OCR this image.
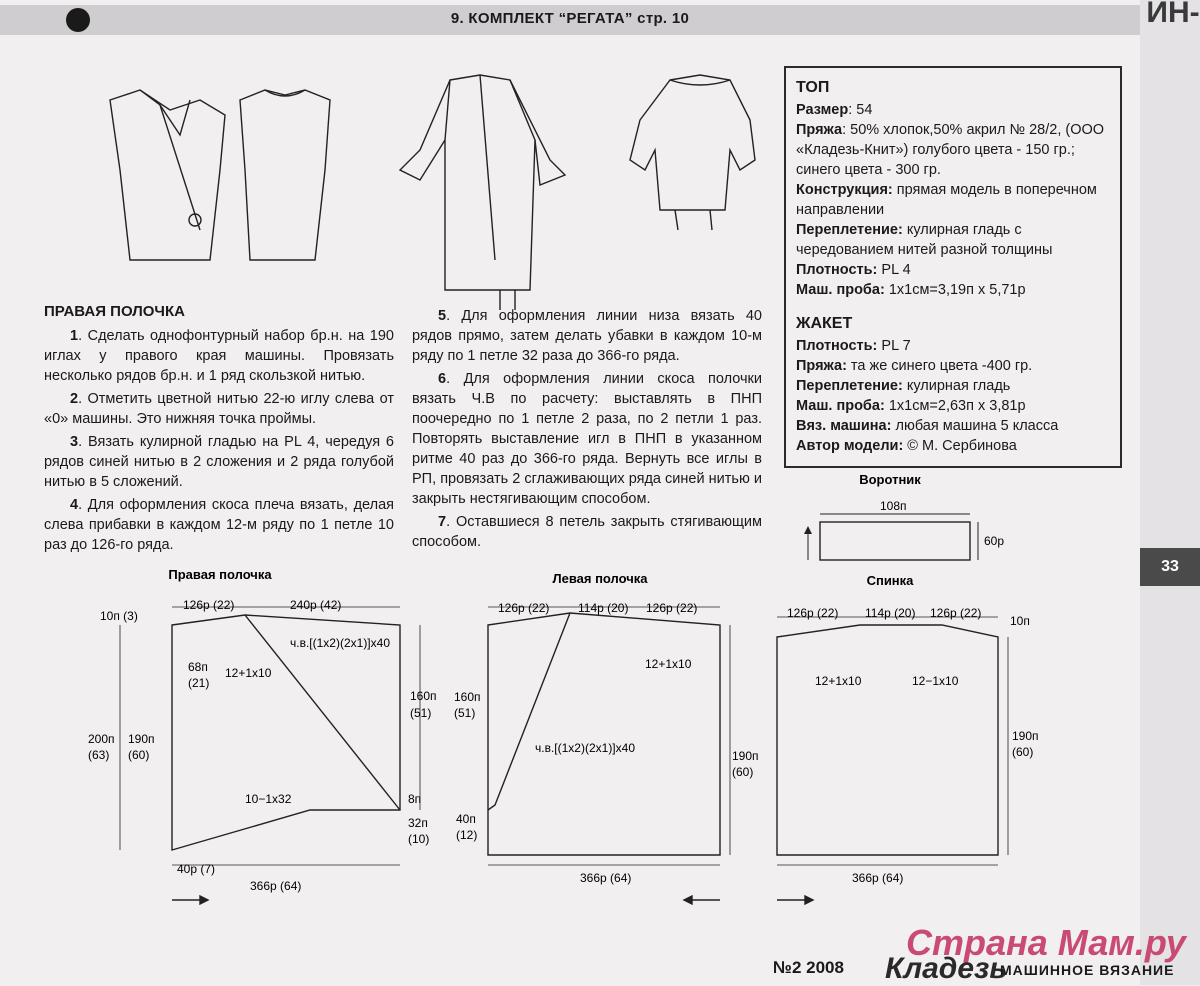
9. КОМПЛЕКТ “РЕГАТА” стр. 10	ИН-
33
ПРАВАЯ ПОЛОЧКА

1. Сделать однофонтурный набор бр.н. на 190 иглах у правого края машины. Провязать несколько рядов бр.н. и 1 ряд скользкой нитью.

2. Отметить цветной нитью 22-ю иглу слева от «0» машины. Это нижняя точка проймы.

3. Вязать кулирной гладью на PL 4, чередуя 6 рядов синей нитью в 2 сложения и 2 ряда голубой нитью в 5 сложений.

4. Для оформления скоса плеча вязать, делая слева прибавки в каждом 12-м ряду по 1 петле 10 раз до 126-го ряда.

5. Для оформления линии низа вязать 40 рядов прямо, затем делать убавки в каждом 10-м ряду по 1 петле 32 раза до 366-го ряда.

6. Для оформления линии скоса полочки вязать Ч.В по расчету: выставлять в ПНП поочередно по 1 петле 2 раза, по 2 петли 1 раз. Повторять выставление игл в ПНП в указанном ритме 40 раз до 366-го ряда. Вернуть все иглы в РП, провязать 2 сглаживающих ряда синей нитью и закрыть нестягивающим способом.

7. Оставшиеся 8 петель закрыть стягивающим способом.

ТОП
Размер: 54
Пряжа: 50% хлопок,50% акрил № 28/2, (ООО «Кладезь-Книт») голубого цвета - 150 гр.; синего цвета - 300 гр.
Конструкция: прямая модель в поперечном направлении
Переплетение: кулирная гладь с чередованием нитей разной толщины
Плотность: PL 4
Маш. проба: 1х1см=3,19п х 5,71р
ЖАКЕТ
Плотность: PL 7
Пряжа: та же синего цвета -400 гр.
Переплетение: кулирная гладь
Маш. проба: 1х1см=2,63п х 3,81р
Вяз. машина: любая машина 5 класса
Автор модели: © М. Сербинова
Воротник
108п
60р
Правая полочка	Левая полочка	Спинка
10п (3)
126р (22)	240р (42)
ч.в.[(1х2)(2х1)]х40
68п
(21)
12+1х10
160п
(51)
200п
(63)
190п
(60)
10−1х32	8п
32п
(10)
40р (7)
366р (64)
126р (22) 114р (20) 126р (22)
12+1х10
160п
(51)
ч.в.[(1х2)(2х1)]х40
190п
(60)
40п
(12)
366р (64)
126р (22) 114р (20) 126р (22)
10п
12+1х10	12−1х10
190п
(60)
366р (64)
Страна Мам.ру
№2 2008 Кладезь
МАШИННОЕ ВЯЗАНИЕ
